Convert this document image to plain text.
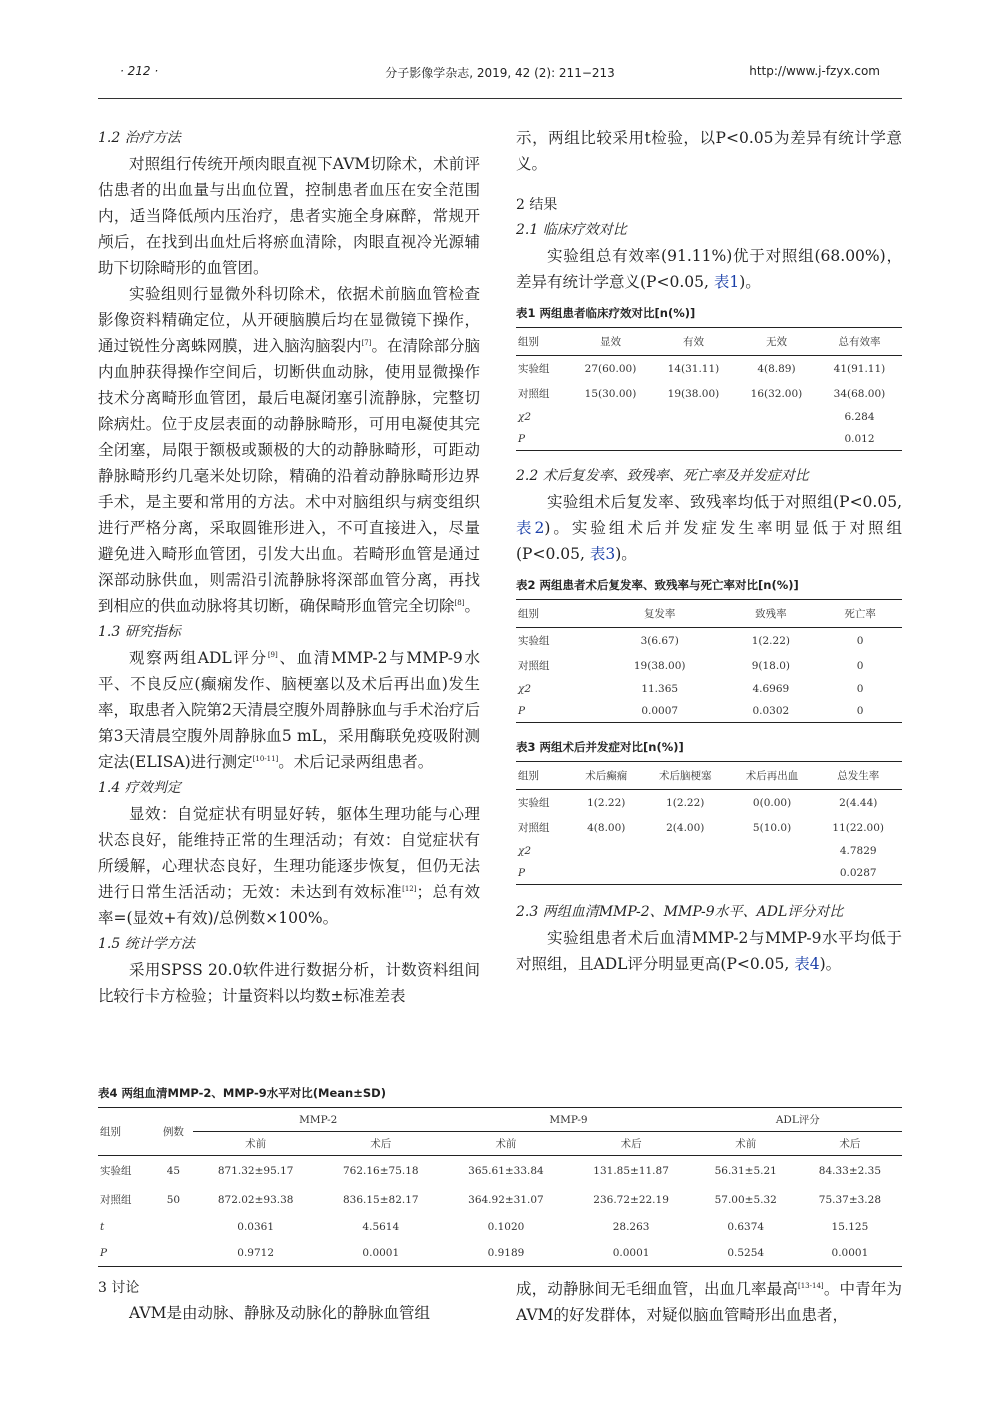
分子影像学杂志, 2019, 42 (2): 211−213
· 212 ·	http://www.j-fzyx.com

1.2 治疗方法

对照组行传统开颅肉眼直视下AVM切除术，术前评估患者的出血量与出血位置，控制患者血压在安全范围内，适当降低颅内压治疗，患者实施全身麻醉，常规开颅后，在找到出血灶后将瘀血清除，肉眼直视冷光源辅助下切除畸形的血管团。

实验组则行显微外科切除术，依据术前脑血管检查影像资料精确定位，从开硬脑膜后均在显微镜下操作，通过锐性分离蛛网膜，进入脑沟脑裂内[7]。在清除部分脑内血肿获得操作空间后，切断供血动脉，使用显微操作技术分离畸形血管团，最后电凝闭塞引流静脉，完整切除病灶。位于皮层表面的动静脉畸形，可用电凝使其完全闭塞，局限于额极或颞极的大的动静脉畸形，可距动静脉畸形约几毫米处切除，精确的沿着动静脉畸形边界手术，是主要和常用的方法。术中对脑组织与病变组织进行严格分离，采取圆锥形进入，不可直接进入，尽量避免进入畸形血管团，引发大出血。若畸形血管是通过深部动脉供血，则需沿引流静脉将深部血管分离，再找到相应的供血动脉将其切断，确保畸形血管完全切除[8]。

1.3 研究指标

观察两组ADL评分[9]、血清MMP-2与MMP-9水平、不良反应(癫痫发作、脑梗塞以及术后再出血)发生率，取患者入院第2天清晨空腹外周静脉血与手术治疗后第3天清晨空腹外周静脉血5 mL，采用酶联免疫吸附测定法(ELISA)进行测定[10-11]。术后记录两组患者。

1.4 疗效判定

显效：自觉症状有明显好转，躯体生理功能与心理状态良好，能维持正常的生理活动；有效：自觉症状有所缓解，心理状态良好，生理功能逐步恢复，但仍无法进行日常生活活动；无效：未达到有效标准[12]；总有效率=(显效+有效)/总例数×100%。

1.5 统计学方法

采用SPSS 20.0软件进行数据分析，计数资料组间比较行卡方检验；计量资料以均数±标准差表

示，两组比较采用t检验，以P<0.05为差异有统计学意义。

2 结果

2.1 临床疗效对比

实验组总有效率(91.11%)优于对照组(68.00%)，差异有统计学意义(P<0.05, 表1)。

表1 两组患者临床疗效对比[n(%)]
组别	显效	有效	无效	总有效率
实验组	27(60.00)	14(31.11)	4(8.89)	41(91.11)
对照组	15(30.00)	19(38.00)	16(32.00)	34(68.00)
χ2				6.284
P				0.012

2.2 术后复发率、致残率、死亡率及并发症对比

实验组术后复发率、致残率均低于对照组(P<0.05, 表2)。实验组术后并发症发生率明显低于对照组(P<0.05, 表3)。

表2 两组患者术后复发率、致残率与死亡率对比[n(%)]
组别	复发率	致残率	死亡率
实验组	3(6.67)	1(2.22)	0
对照组	19(38.00)	9(18.0)	0
χ2	11.365	4.6969	0
P	0.0007	0.0302	0
表3 两组术后并发症对比[n(%)]
组别	术后癫痫	术后脑梗塞	术后再出血	总发生率
实验组	1(2.22)	1(2.22)	0(0.00)	2(4.44)
对照组	4(8.00)	2(4.00)	5(10.0)	11(22.00)
χ2				4.7829
P				0.0287

2.3 两组血清MMP-2、MMP-9水平、ADL评分对比

实验组患者术后血清MMP-2与MMP-9水平均低于对照组，且ADL评分明显更高(P<0.05, 表4)。

表4 两组血清MMP-2、MMP-9水平对比(Mean±SD)
组别	例数	MMP-2		MMP-9		ADL评分	
		术前	术后	术前	术后	术前	术后
实验组	45	871.32±95.17	762.16±75.18	365.61±33.84	131.85±11.87	56.31±5.21	84.33±2.35
对照组	50	872.02±93.38	836.15±82.17	364.92±31.07	236.72±22.19	57.00±5.32	75.37±3.28
t		0.0361	4.5614	0.1020	28.263	0.6374	15.125
P		0.9712	0.0001	0.9189	0.0001	0.5254	0.0001

3 讨论

AVM是由动脉、静脉及动脉化的静脉血管组

成，动静脉间无毛细血管，出血几率最高[13-14]。中青年为AVM的好发群体，对疑似脑血管畸形出血患者，
